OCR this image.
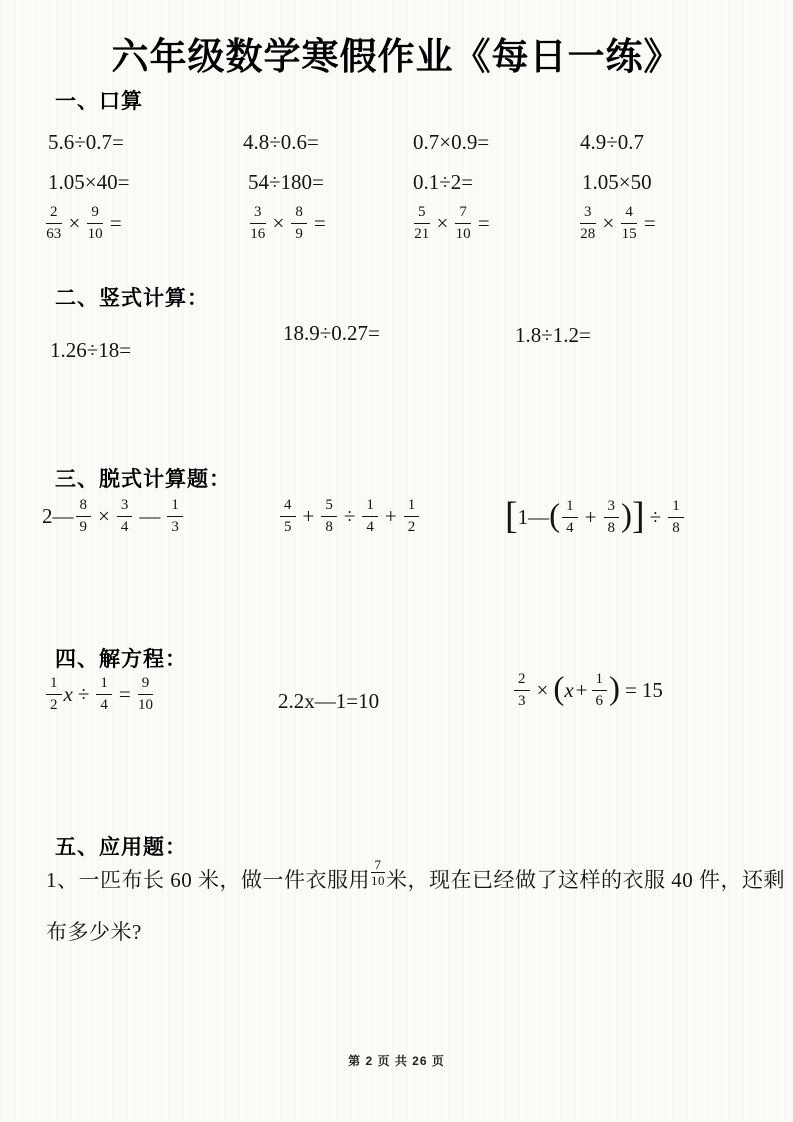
六年级数学寒假作业《每日一练》
一、口算
5.6÷0.7=	4.8÷0.6=	0.7×0.9=	4.9÷0.7
1.05×40=	54÷180=	0.1÷2=	1.05×50
$\frac{2}{63} \times \frac{9}{10}$ =	$\frac{3}{16} \times \frac{8}{9}$ =	$\frac{5}{21} \times \frac{7}{10}$ =	$\frac{3}{28} \times \frac{4}{15}$ =
二、竖式计算：
1.26÷18=
18.9÷0.27=	1.8÷1.2=
三、脱式计算题：
2— $\frac{8}{9} \times \frac{3}{4}$ — $\frac{1}{3}$	$\frac{4}{5} + \frac{5}{8} \div \frac{1}{4} + \frac{1}{2}$ [1—( $\frac{1}{4} + \frac{3}{8}$ )] ÷ $\frac{1}{8}$
四、解方程：
$\frac{1}{2}$ $x \div \frac{1}{4} = \frac{9}{10}$	2.2x—1=10	$\frac{2}{3} \times (x+ \frac{1}{6}$ ) = 15
五、应用题：
1、一匹布长 60 米，做一件衣服用 $\frac{7}{10}$ 米，现在已经做了这样的衣服 40 件，还剩
布多少米?
第 2 页 共 26 页
